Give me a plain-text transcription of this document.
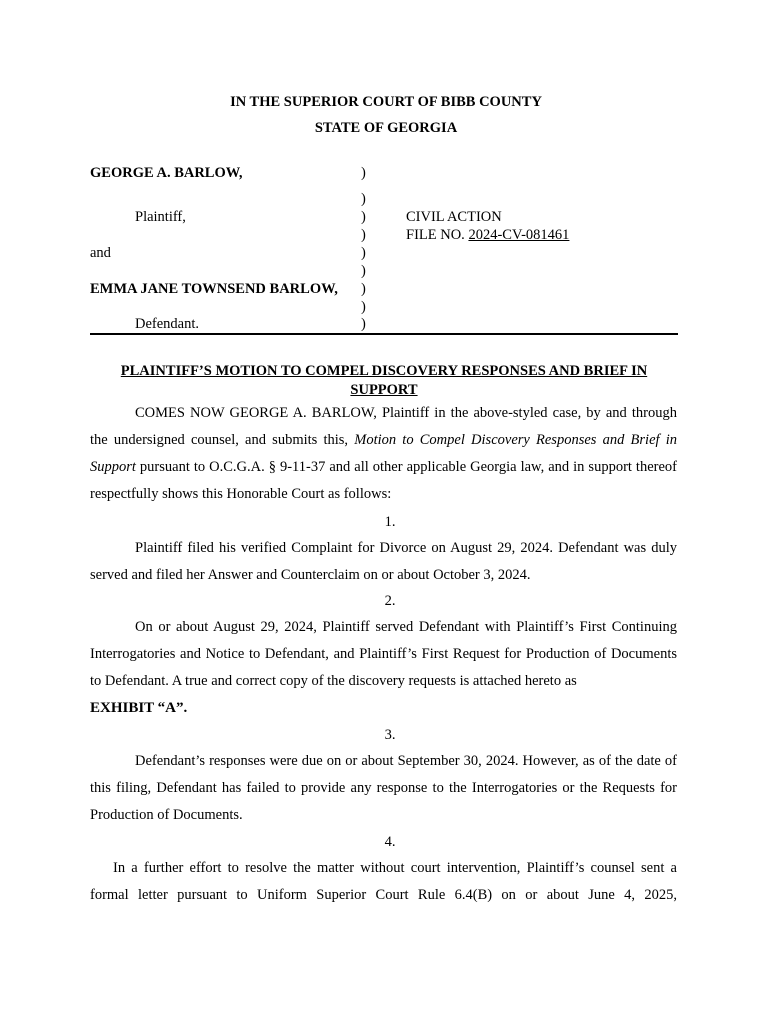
IN THE SUPERIOR COURT OF BIBB COUNTY
STATE OF GEORGIA
GEORGE A. BARLOW,
Plaintiff,
and
EMMA JANE TOWNSEND BARLOW,
Defendant.
)
)
)
)
)
)
)
)
)
CIVIL ACTION
FILE NO. 2024-CV-081461
PLAINTIFF’S MOTION TO COMPEL DISCOVERY RESPONSES AND BRIEF IN SUPPORT
COMES NOW GEORGE A. BARLOW, Plaintiff in the above-styled case, by and through the undersigned counsel, and submits this, Motion to Compel Discovery Responses and Brief in Support pursuant to O.C.G.A. § 9-11-37 and all other applicable Georgia law, and in support thereof respectfully shows this Honorable Court as follows:
1.
Plaintiff filed his verified Complaint for Divorce on August 29, 2024. Defendant was duly served and filed her Answer and Counterclaim on or about October 3, 2024.
2.
On or about August 29, 2024, Plaintiff served Defendant with Plaintiff’s First Continuing Interrogatories and Notice to Defendant, and Plaintiff’s First Request for Production of Documents to Defendant. A true and correct copy of the discovery requests is attached hereto as
EXHIBIT “A”.
3.
Defendant’s responses were due on or about September 30, 2024. However, as of the date of this filing, Defendant has failed to provide any response to the Interrogatories or the Requests for Production of Documents.
4.
In a further effort to resolve the matter without court intervention, Plaintiff’s counsel sent a formal letter pursuant to Uniform Superior Court Rule 6.4(B) on or about June 4, 2025,
